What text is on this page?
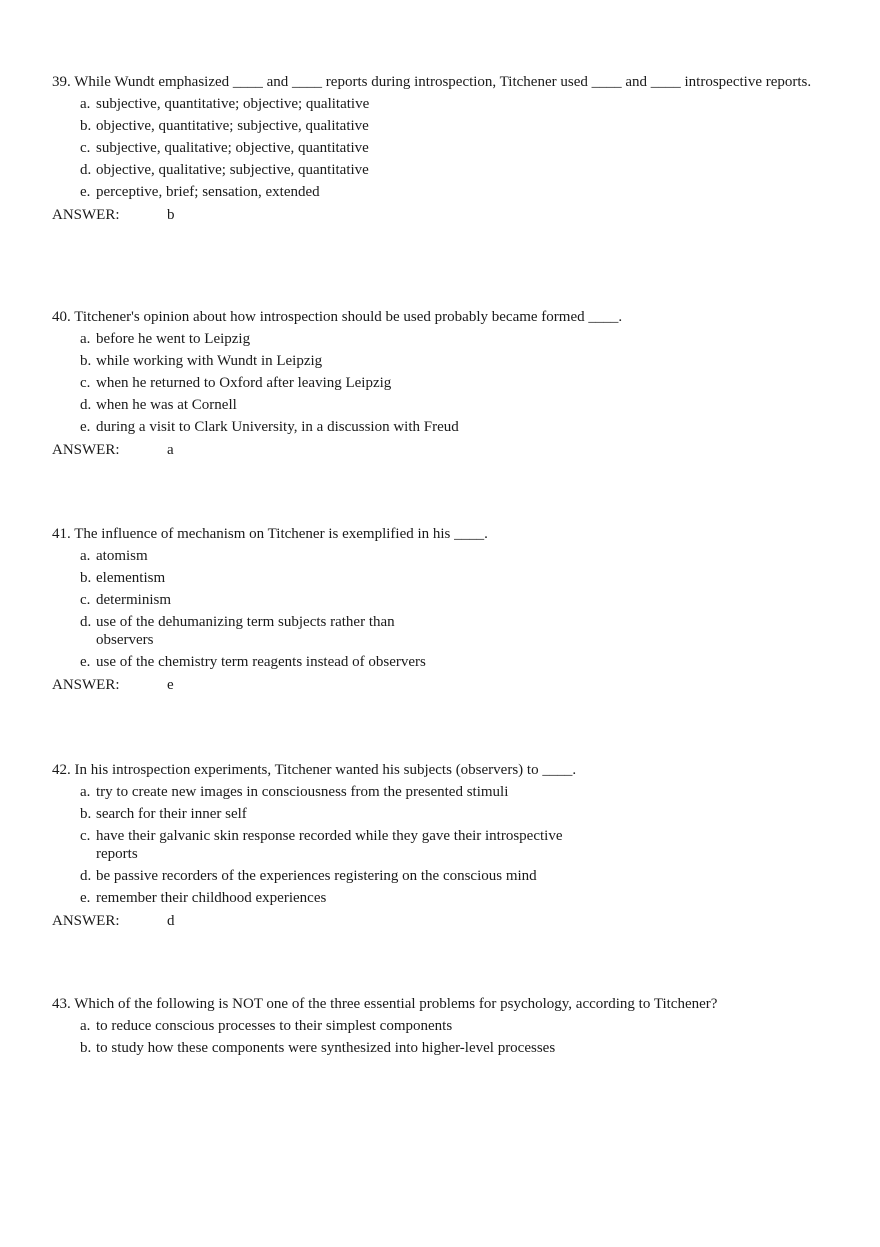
39. While Wundt emphasized ____ and ____ reports during introspection, Titchener used ____ and ____ introspective reports.

a. subjective, quantitative; objective; qualitative
b. objective, quantitative; subjective, qualitative
c. subjective, qualitative; objective, quantitative
d. objective, qualitative; subjective, quantitative
e. perceptive, brief; sensation, extended
ANSWER:	b

40. Titchener's opinion about how introspection should be used probably became formed ____.

a. before he went to Leipzig
b. while working with Wundt in Leipzig
c. when he returned to Oxford after leaving Leipzig
d. when he was at Cornell
e. during a visit to Clark University, in a discussion with Freud
ANSWER:	a

41. The influence of mechanism on Titchener is exemplified in his ____.

a. atomism
b. elementism
c. determinism
d. use of the dehumanizing term subjects rather than observers
e. use of the chemistry term reagents instead of observers
ANSWER:	e

42. In his introspection experiments, Titchener wanted his subjects (observers) to ____.

a. try to create new images in consciousness from the presented stimuli
b. search for their inner self
c. have their galvanic skin response recorded while they gave their introspective reports
d. be passive recorders of the experiences registering on the conscious mind
e. remember their childhood experiences
ANSWER:	d

43. Which of the following is NOT one of the three essential problems for psychology, according to Titchener?

a. to reduce conscious processes to their simplest components
b. to study how these components were synthesized into higher-level processes
